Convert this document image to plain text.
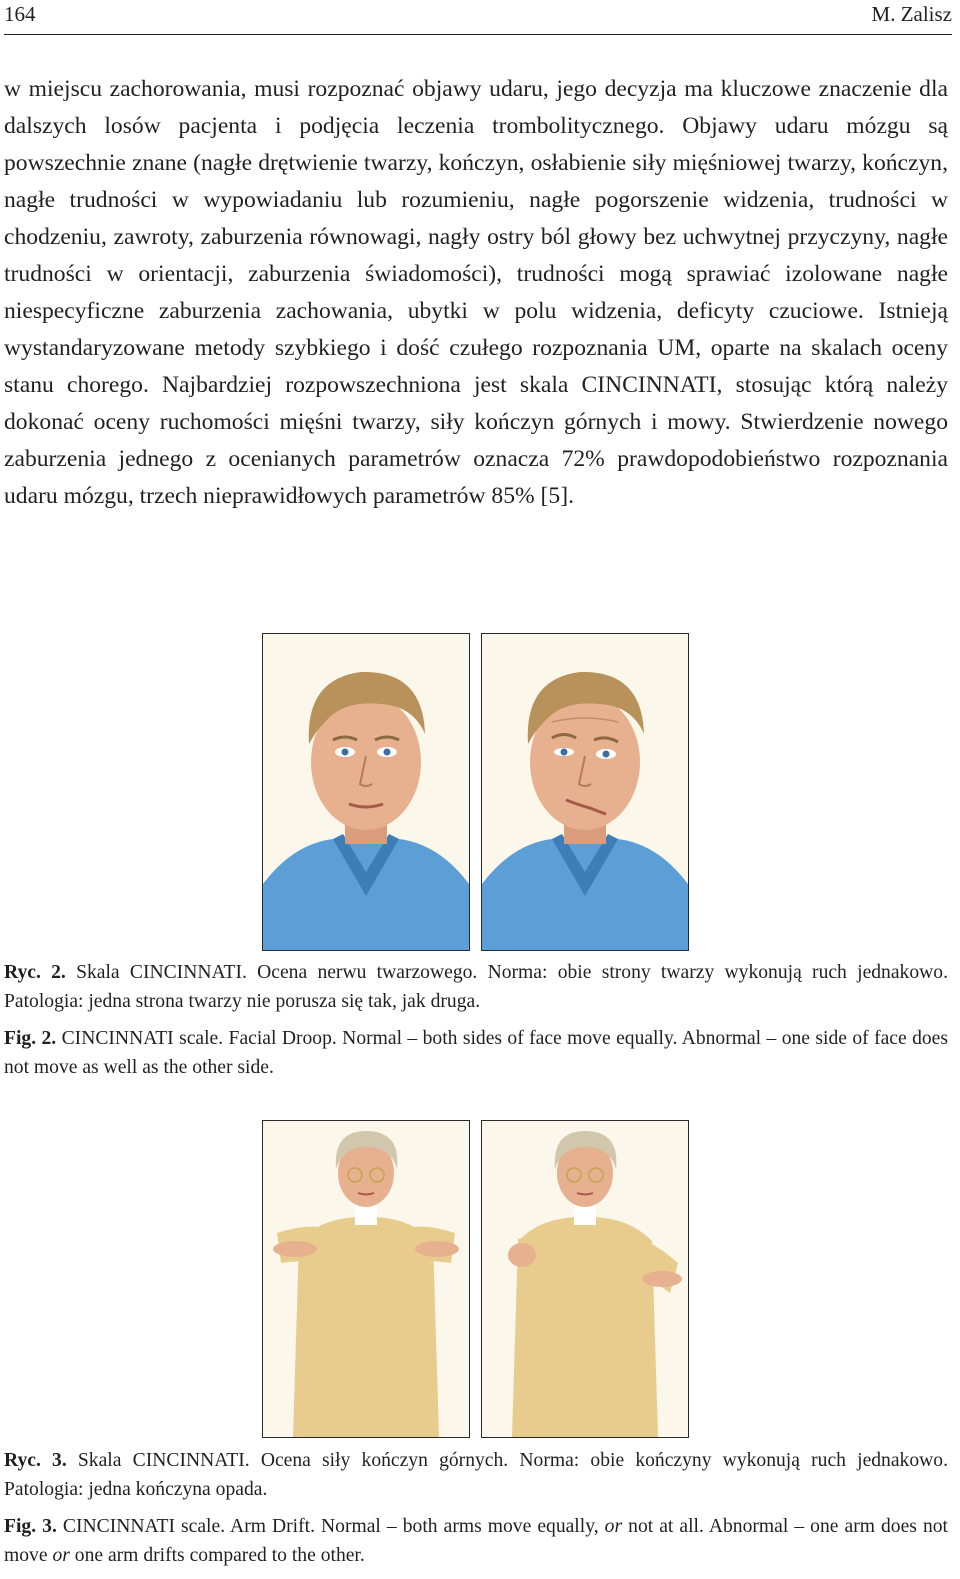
164	M. Zalisz

w miejscu zachorowania, musi rozpoznać objawy udaru, jego decyzja ma kluczowe znaczenie dla dalszych losów pacjenta i podjęcia leczenia trombolitycznego. Objawy udaru mózgu są powszechnie znane (nagłe drętwienie twarzy, kończyn, osłabienie siły mięśniowej twarzy, kończyn, nagłe trudności w wypowiadaniu lub rozumieniu, nagłe pogorszenie widzenia, trudności w chodzeniu, zawroty, zaburzenia równowagi, nagły ostry ból głowy bez uchwytnej przyczyny, nagłe trudności w orientacji, zaburzenia świadomości), trudności mogą sprawiać izolowane nagłe niespecyficzne zaburzenia zachowania, ubytki w polu widzenia, deficyty czuciowe. Istnieją wystandaryzowane metody szybkiego i dość czułego rozpoznania UM, oparte na skalach oceny stanu chorego. Najbardziej rozpowszechniona jest skala CINCINNATI, stosując którą należy dokonać oceny ruchomości mięśni twarzy, siły kończyn górnych i mowy. Stwierdzenie nowego zaburzenia jednego z ocenianych parametrów oznacza 72% prawdopodobieństwo rozpoznania udaru mózgu, trzech nieprawidłowych parametrów 85% [5].

Ryc. 2. Skala CINCINNATI. Ocena nerwu twarzowego. Norma: obie strony twarzy wykonują ruch jednakowo. Patologia: jedna strona twarzy nie porusza się tak, jak druga.

Fig. 2. CINCINNATI scale. Facial Droop. Normal – both sides of face move equally. Abnormal – one side of face does not move as well as the other side.

Ryc. 3. Skala CINCINNATI. Ocena siły kończyn górnych. Norma: obie kończyny wykonują ruch jednakowo. Patologia: jedna kończyna opada.

Fig. 3. CINCINNATI scale. Arm Drift. Normal – both arms move equally, or not at all. Abnormal – one arm does not move or one arm drifts compared to the other.
